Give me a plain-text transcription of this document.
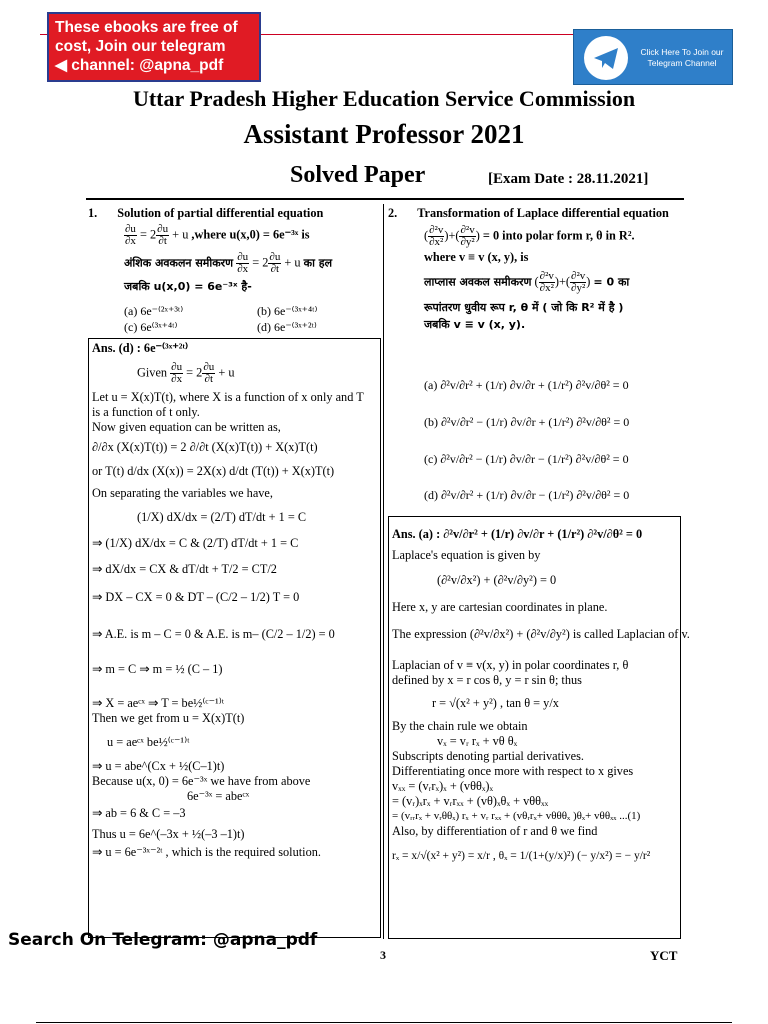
These ebooks are free of
cost, Join our telegram
◀ channel: @apna_pdf
Click Here To Join our
Telegram Channel
Uttar Pradesh Higher Education Service Commission
Assistant Professor 2021
Solved Paper	[Exam Date : 28.11.2021]
1. Solution of partial differential equation
$\frac{\partial u}{\partial x} = 2 \frac{\partial u}{\partial t} + u$ ,where u(x,0) = 6e⁻³ˣ is
अंशिक अवकलन समीकरण $\frac{\partial u}{\partial x} = 2 \frac{\partial u}{\partial t} + u$ का हल
जबकि u(x,0) = 6e⁻³ˣ है-
(a) 6e⁻⁽²ˣ⁺³ᵗ⁾	(b) 6e⁻⁽³ˣ⁺⁴ᵗ⁾
(c) 6e⁽³ˣ⁺⁴ᵗ⁾	(d) 6e⁻⁽³ˣ⁺²ᵗ⁾
Ans. (d) : 6e⁻⁽³ˣ⁺²ᵗ⁾
Given $\frac{\partial u}{\partial x} = 2 \frac{\partial u}{\partial t} + u$
Let u = X(x)T(t), where X is a function of x only and T
is a function of t only.
Now given equation can be written as,
∂/∂x (X(x)T(t)) = 2 ∂/∂t (X(x)T(t)) + X(x)T(t)
or T(t) d/dx (X(x)) = 2X(x) d/dt (T(t)) + X(x)T(t)
On separating the variables we have,
(1/X) dX/dx = (2/T) dT/dt + 1 = C
⇒ (1/X) dX/dx = C & (2/T) dT/dt + 1 = C
⇒ dX/dx = CX & dT/dt + T/2 = CT/2
⇒ DX – CX = 0 & DT – (C/2 – 1/2) T = 0
⇒ A.E. is m – C = 0 & A.E. is m– (C/2 – 1/2) = 0
⇒ m = C ⇒ m = ½ (C – 1)
⇒ X = aeᶜˣ ⇒ T = be½⁽ᶜ⁻¹⁾ᵗ
Then we get from u = X(x)T(t)
u = aeᶜˣ be½⁽ᶜ⁻¹⁾ᵗ
⇒ u = abe^(Cx + ½(C–1)t)
Because u(x, 0) = 6e⁻³ˣ we have from above
6e⁻³ˣ = abeᶜˣ
⇒ ab = 6 & C = –3
Thus u = 6e^(–3x + ½(–3 –1)t)
⇒ u = 6e⁻³ˣ⁻²ᵗ , which is the required solution.
2. Transformation of Laplace differential equation
( $\frac{\text{∂²v}}{\text{∂x²}}$ )+( $\frac{\text{∂²v}}{\text{∂y²}}$ ) = 0 into polar form r, θ in R².
where v ≡ v (x, y), is
लाप्लास अवकल समीकरण ( $\frac{\text{∂²v}}{\text{∂x²}}$ )+( $\frac{\text{∂²v}}{\text{∂y²}}$ ) = 0 का
रूपांतरण धुवीय रूप r, θ में ( जो कि R² में है )
जबकि v ≡ v (x, y).
(a) ∂²v/∂r² + (1/r) ∂v/∂r + (1/r²) ∂²v/∂θ² = 0
(b) ∂²v/∂r² − (1/r) ∂v/∂r + (1/r²) ∂²v/∂θ² = 0
(c) ∂²v/∂r² − (1/r) ∂v/∂r − (1/r²) ∂²v/∂θ² = 0
(d) ∂²v/∂r² + (1/r) ∂v/∂r − (1/r²) ∂²v/∂θ² = 0
Ans. (a) : ∂²v/∂r² + (1/r) ∂v/∂r + (1/r²) ∂²v/∂θ² = 0
Laplace's equation is given by
(∂²v/∂x²) + (∂²v/∂y²) = 0
Here x, y are cartesian coordinates in plane.
The expression (∂²v/∂x²) + (∂²v/∂y²) is called Laplacian of v.
Laplacian of v ≡ v(x, y) in polar coordinates r, θ
defined by x = r cos θ, y = r sin θ; thus
r = √(x² + y²) , tan θ = y/x
By the chain rule we obtain
vₓ = vᵣ rₓ + vθ θₓ
Subscripts denoting partial derivatives.
Differentiating once more with respect to x gives
vₓₓ = (vᵣrₓ)ₓ + (vθθₓ)ₓ
= (vᵣ)ₓrₓ + vᵣrₓₓ + (vθ)ₓθₓ + vθθₓₓ
= (vᵣᵣrₓ + vᵣθθₓ) rₓ + vᵣ rₓₓ + (vθᵣrₓ+ vθθθₓ )θₓ+ vθθₓₓ ...(1)
Also, by differentiation of r and θ we find
rₓ = x/√(x² + y²) = x/r , θₓ = 1/(1+(y/x)²) (− y/x²) = − y/r²
Search On Telegram: @apna_pdf
3	YCT
